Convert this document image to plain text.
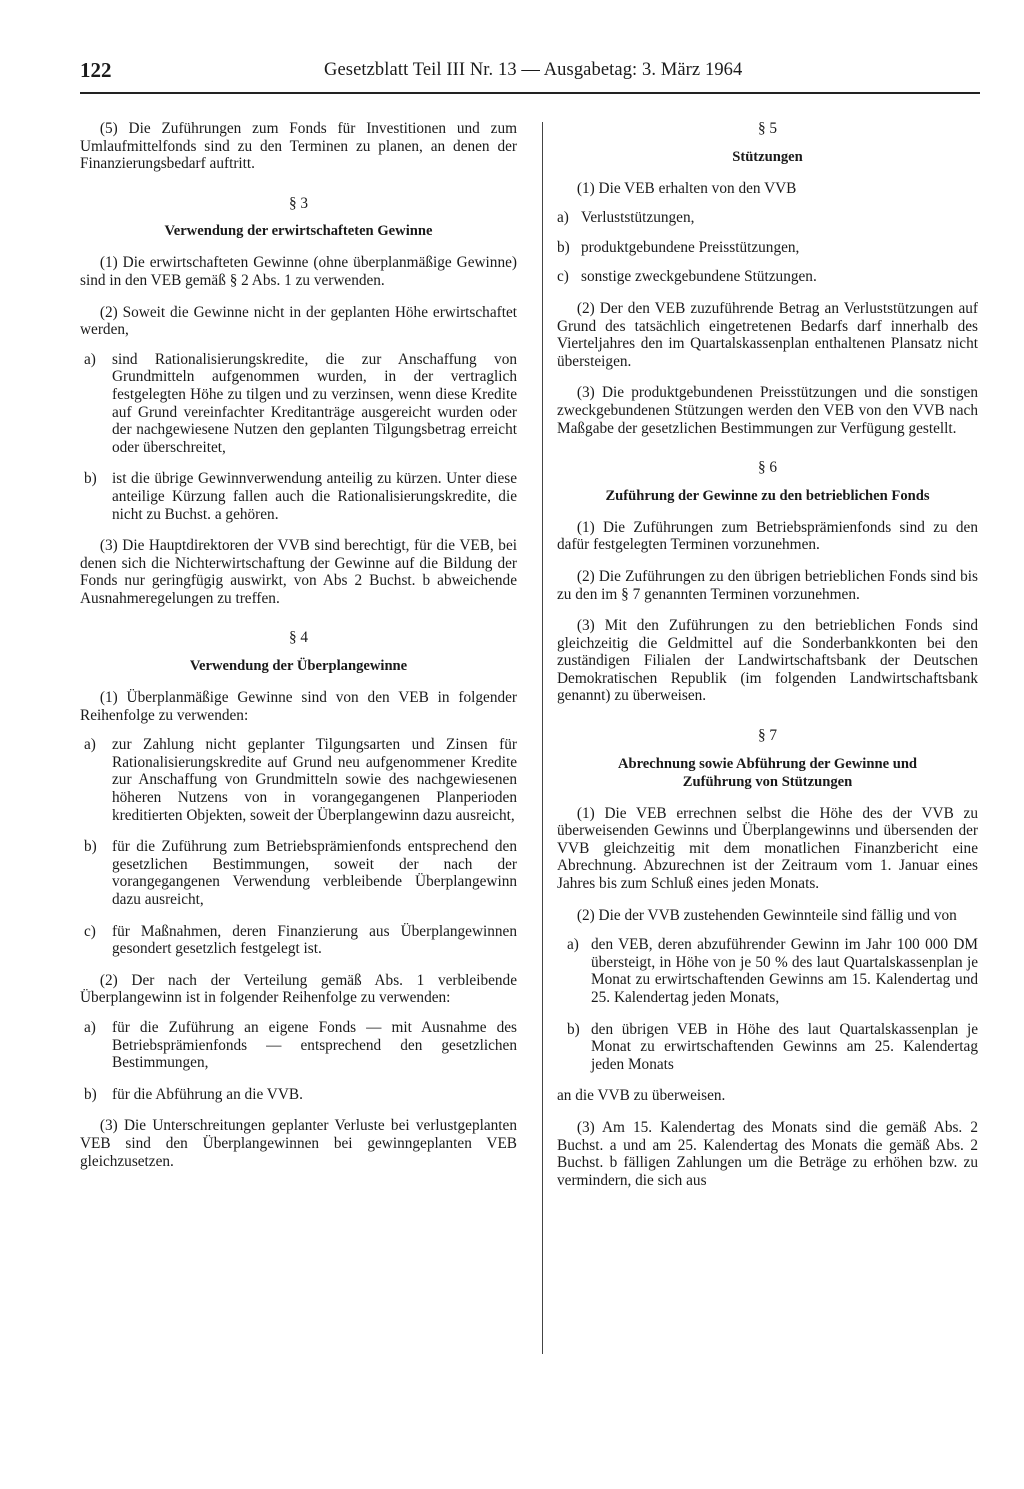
122	Gesetzblatt Teil III Nr. 13 — Ausgabetag: 3. März 1964

(5) Die Zuführungen zum Fonds für Investitionen und zum Umlaufmittelfonds sind zu den Terminen zu planen, an denen der Finanzierungsbedarf auftritt.

§ 3

Verwendung der erwirtschafteten Gewinne

(1) Die erwirtschafteten Gewinne (ohne überplanmäßige Gewinne) sind in den VEB gemäß § 2 Abs. 1 zu verwenden.

(2) Soweit die Gewinne nicht in der geplanten Höhe erwirtschaftet werden,

a)	sind Rationalisierungskredite, die zur Anschaffung von Grundmitteln aufgenommen wurden, in der vertraglich festgelegten Höhe zu tilgen und zu verzinsen, wenn diese Kredite auf Grund vereinfachter Kreditanträge ausgereicht wurden oder der nachgewiesene Nutzen den geplanten Tilgungsbetrag erreicht oder überschreitet,
b) ist die übrige Gewinnverwendung anteilig zu kürzen. Unter diese anteilige Kürzung fallen auch die Rationalisierungskredite, die nicht zu Buchst. a gehören.

(3) Die Hauptdirektoren der VVB sind berechtigt, für die VEB, bei denen sich die Nichterwirtschaftung der Gewinne auf die Bildung der Fonds nur geringfügig auswirkt, von Abs 2 Buchst. b abweichende Ausnahmeregelungen zu treffen.

§ 4

Verwendung der Überplangewinne

(1) Überplanmäßige Gewinne sind von den VEB in folgender Reihenfolge zu verwenden:

a)	zur Zahlung nicht geplanter Tilgungsarten und Zinsen für Rationalisierungskredite auf Grund neu aufgenommener Kredite zur Anschaffung von Grundmitteln sowie des nachgewiesenen höheren Nutzens von in vorangegangenen Planperioden kreditierten Objekten, soweit der Überplangewinn dazu ausreicht,
b) für die Zuführung zum Betriebsprämienfonds entsprechend den gesetzlichen Bestimmungen, soweit der nach der vorangegangenen Verwendung verbleibende Überplangewinn dazu ausreicht,
c)	für Maßnahmen, deren Finanzierung aus Überplangewinnen gesondert gesetzlich festgelegt ist.

(2) Der nach der Verteilung gemäß Abs. 1 verbleibende Überplangewinn ist in folgender Reihenfolge zu verwenden:

a)	für die Zuführung an eigene Fonds — mit Ausnahme des Betriebsprämienfonds — entsprechend den gesetzlichen Bestimmungen,
b) für die Abführung an die VVB.

(3) Die Unterschreitungen geplanter Verluste bei verlustgeplanten VEB sind den Überplangewinnen bei gewinngeplanten VEB gleichzusetzen.

§ 5

Stützungen

(1) Die VEB erhalten von den VVB

a) Verluststützungen,
b) produktgebundene Preisstützungen,
c) sonstige zweckgebundene Stützungen.

(2) Der den VEB zuzuführende Betrag an Verluststützungen auf Grund des tatsächlich eingetretenen Bedarfs darf innerhalb des Vierteljahres den im Quartalskassenplan enthaltenen Plansatz nicht übersteigen.

(3) Die produktgebundenen Preisstützungen und die sonstigen zweckgebundenen Stützungen werden den VEB von den VVB nach Maßgabe der gesetzlichen Bestimmungen zur Verfügung gestellt.

§ 6

Zuführung der Gewinne zu den betrieblichen Fonds

(1) Die Zuführungen zum Betriebsprämienfonds sind zu den dafür festgelegten Terminen vorzunehmen.

(2) Die Zuführungen zu den übrigen betrieblichen Fonds sind bis zu den im § 7 genannten Terminen vorzunehmen.

(3) Mit den Zuführungen zu den betrieblichen Fonds sind gleichzeitig die Geldmittel auf die Sonderbankkonten bei den zuständigen Filialen der Landwirtschaftsbank der Deutschen Demokratischen Republik (im folgenden Landwirtschaftsbank genannt) zu überweisen.

§ 7

Abrechnung sowie Abführung der Gewinne und
Zuführung von Stützungen

(1) Die VEB errechnen selbst die Höhe des der VVB zu überweisenden Gewinns und Überplangewinns und übersenden der VVB gleichzeitig mit dem monatlichen Finanzbericht eine Abrechnung. Abzurechnen ist der Zeitraum vom 1. Januar eines Jahres bis zum Schluß eines jeden Monats.

(2) Die der VVB zustehenden Gewinnteile sind fällig und von

a) den VEB, deren abzuführender Gewinn im Jahr 100 000 DM übersteigt, in Höhe von je 50 % des laut Quartalskassenplan je Monat zu erwirtschaftenden Gewinns am 15. Kalendertag und 25. Kalendertag jeden Monats,
b) den übrigen VEB in Höhe des laut Quartalskassenplan je Monat zu erwirtschaftenden Gewinns am 25. Kalendertag jeden Monats

an die VVB zu überweisen.

(3) Am 15. Kalendertag des Monats sind die gemäß Abs. 2 Buchst. a und am 25. Kalendertag des Monats die gemäß Abs. 2 Buchst. b fälligen Zahlungen um die Beträge zu erhöhen bzw. zu vermindern, die sich aus
